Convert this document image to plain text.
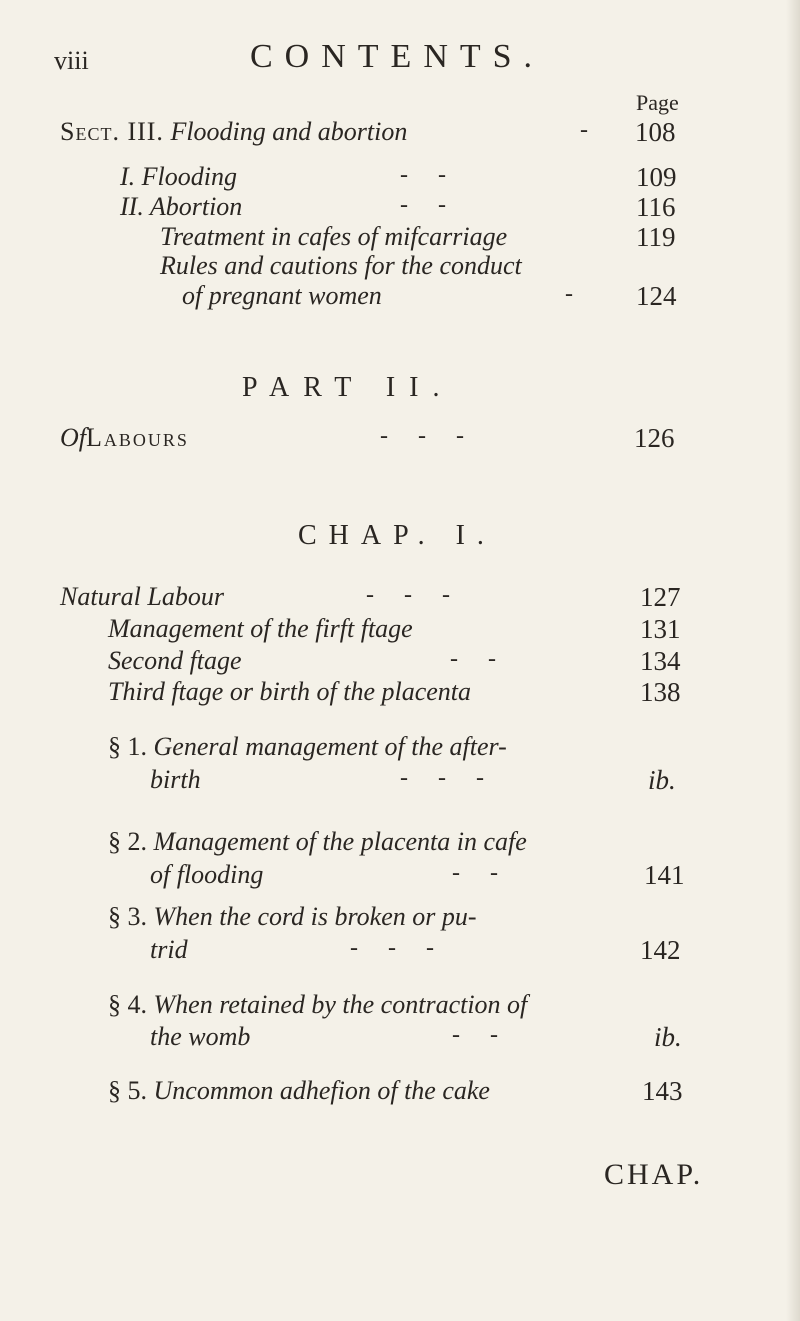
viii	CONTENTS.
Page
Sect. III. Flooding and abortion	- 108
I. Flooding	-     -	109
II. Abortion	-     -	116
Treatment in cafes of mifcarriage	119
Rules and cautions for the conduct
of pregnant women	- 124
PART II.
OfLabours	-     -     -	126
CHAP. I.
Natural Labour	-     -     -	127
Management of the firft ftage	131
Second ftage	-     -	134
Third ftage or birth of the placenta	138
§ 1. General management of the after-
birth	-     -     -	ib.
§ 2. Management of the placenta in cafe
of flooding	-     -	141
§ 3. When the cord is broken or pu-
trid	-     -     -	142
§ 4. When retained by the contraction of
the womb	-     -	ib.
§ 5. Uncommon adhefion of the cake	143
CHAP.
